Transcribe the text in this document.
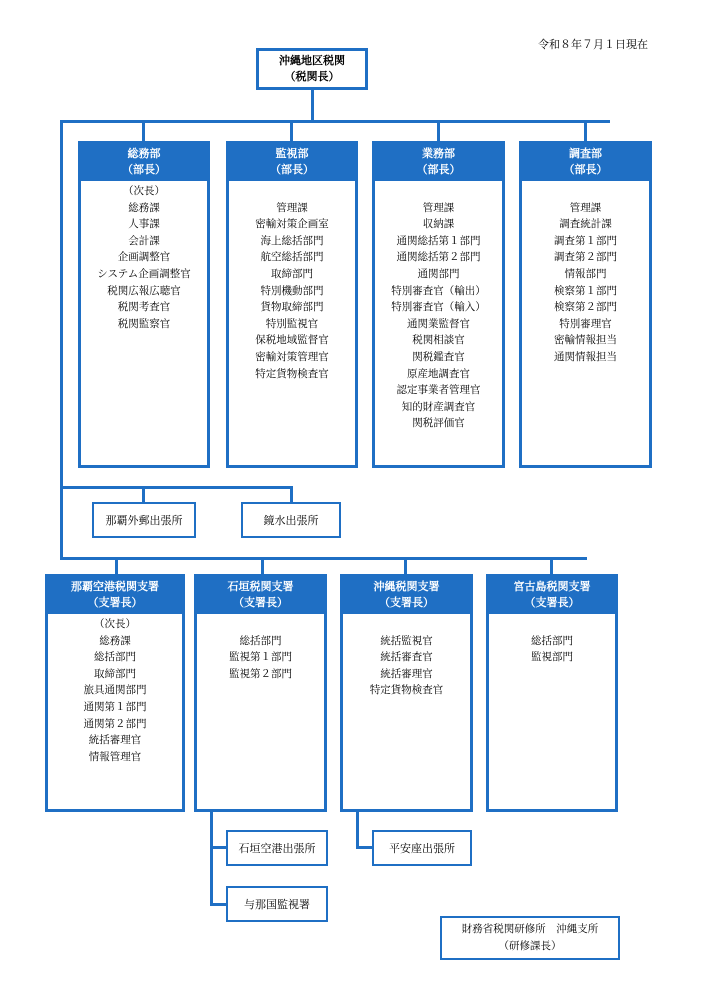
令和８年７月１日現在
沖縄地区税関
（税関長）
総務部
（部長）
（次長）
総務課
人事課
会計課
企画調整官
システム企画調整官
税関広報広聴官
税関考査官
税関監察官
監視部
（部長）

管理課
密輸対策企画室
海上総括部門
航空総括部門
取締部門
特別機動部門
貨物取締部門
特別監視官
保税地域監督官
密輸対策管理官
特定貨物検査官
業務部
（部長）

管理課
収納課
通関総括第１部門
通関総括第２部門
通関部門
特別審査官（輸出）
特別審査官（輸入）
通関業監督官
税関相談官
関税鑑査官
原産地調査官
認定事業者管理官
知的財産調査官
関税評価官
調査部
（部長）

管理課
調査統計課
調査第１部門
調査第２部門
情報部門
検察第１部門
検察第２部門
特別審理官
密輸情報担当
通関情報担当
那覇外郵出張所	鏡水出張所
那覇空港税関支署
（支署長）
（次長）
総務課
総括部門
取締部門
旅具通関部門
通関第１部門
通関第２部門
統括審理官
情報管理官
石垣税関支署
（支署長）

総括部門
監視第１部門
監視第２部門
沖縄税関支署
（支署長）

統括監視官
統括審査官
統括審理官
特定貨物検査官
宮古島税関支署
（支署長）

総括部門
監視部門
石垣空港出張所
与那国監視署
平安座出張所
財務省税関研修所　沖縄支所
（研修課長）
